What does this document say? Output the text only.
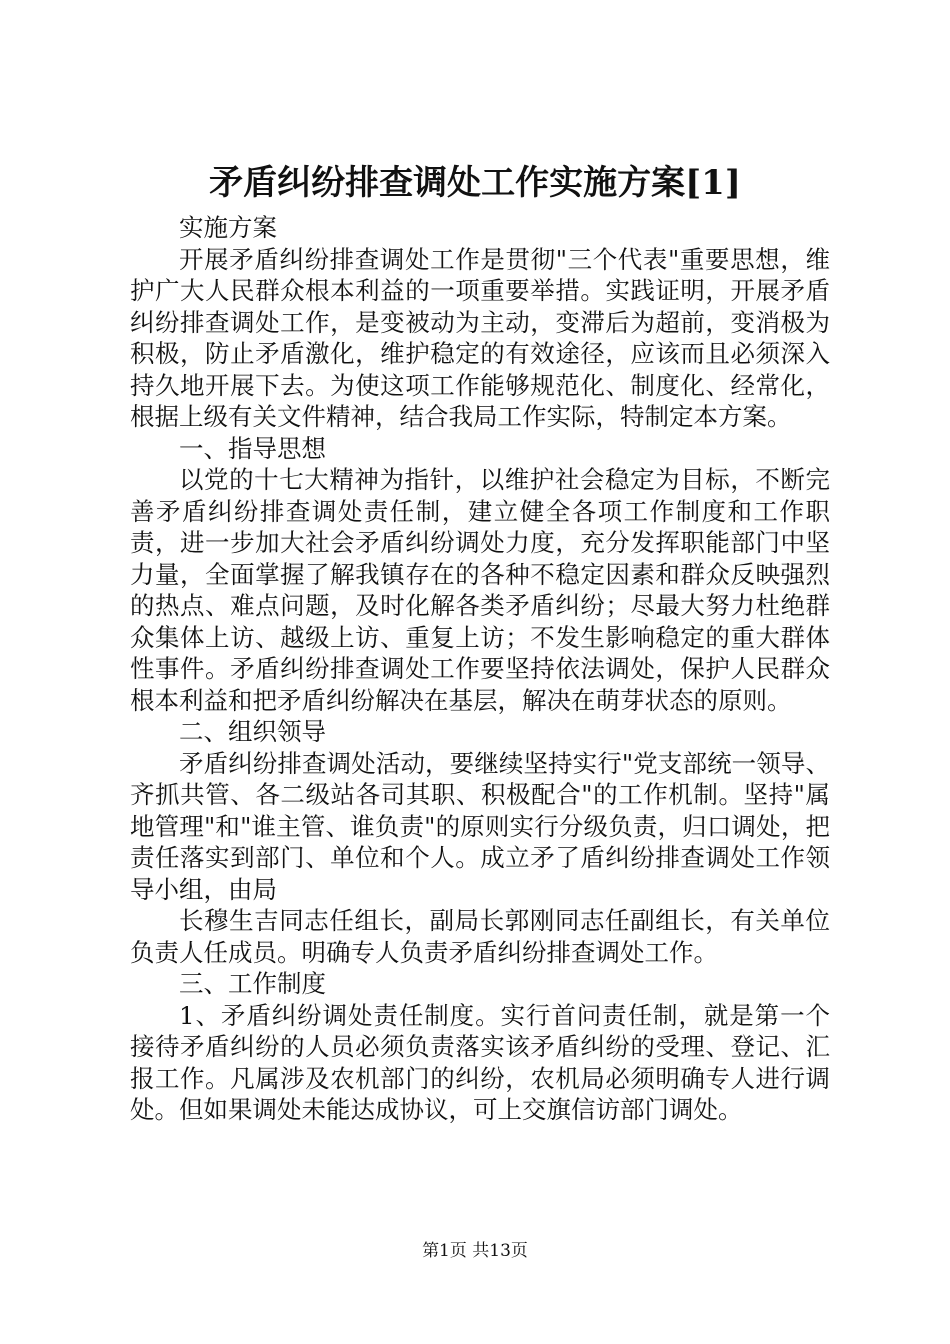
矛盾纠纷排查调处工作实施方案[1]

实施方案

开展矛盾纠纷排查调处工作是贯彻"三个代表"重要思想，维护广大人民群众根本利益的一项重要举措。实践证明，开展矛盾纠纷排查调处工作，是变被动为主动，变滞后为超前，变消极为积极，防止矛盾激化，维护稳定的有效途径，应该而且必须深入持久地开展下去。为使这项工作能够规范化、制度化、经常化，根据上级有关文件精神，结合我局工作实际，特制定本方案。

一、指导思想

以党的十七大精神为指针，以维护社会稳定为目标，不断完善矛盾纠纷排查调处责任制，建立健全各项工作制度和工作职责，进一步加大社会矛盾纠纷调处力度，充分发挥职能部门中坚力量，全面掌握了解我镇存在的各种不稳定因素和群众反映强烈的热点、难点问题，及时化解各类矛盾纠纷；尽最大努力杜绝群众集体上访、越级上访、重复上访；不发生影响稳定的重大群体性事件。矛盾纠纷排查调处工作要坚持依法调处，保护人民群众根本利益和把矛盾纠纷解决在基层，解决在萌芽状态的原则。

二、组织领导

矛盾纠纷排查调处活动，要继续坚持实行"党支部统一领导、齐抓共管、各二级站各司其职、积极配合"的工作机制。坚持"属地管理"和"谁主管、谁负责"的原则实行分级负责，归口调处，把责任落实到部门、单位和个人。成立矛了盾纠纷排查调处工作领导小组，由局

长穆生吉同志任组长，副局长郭刚同志任副组长，有关单位负责人任成员。明确专人负责矛盾纠纷排查调处工作。

三、工作制度

1、矛盾纠纷调处责任制度。实行首问责任制，就是第一个接待矛盾纠纷的人员必须负责落实该矛盾纠纷的受理、登记、汇报工作。凡属涉及农机部门的纠纷，农机局必须明确专人进行调处。但如果调处未能达成协议，可上交旗信访部门调处。

第1页 共13页
